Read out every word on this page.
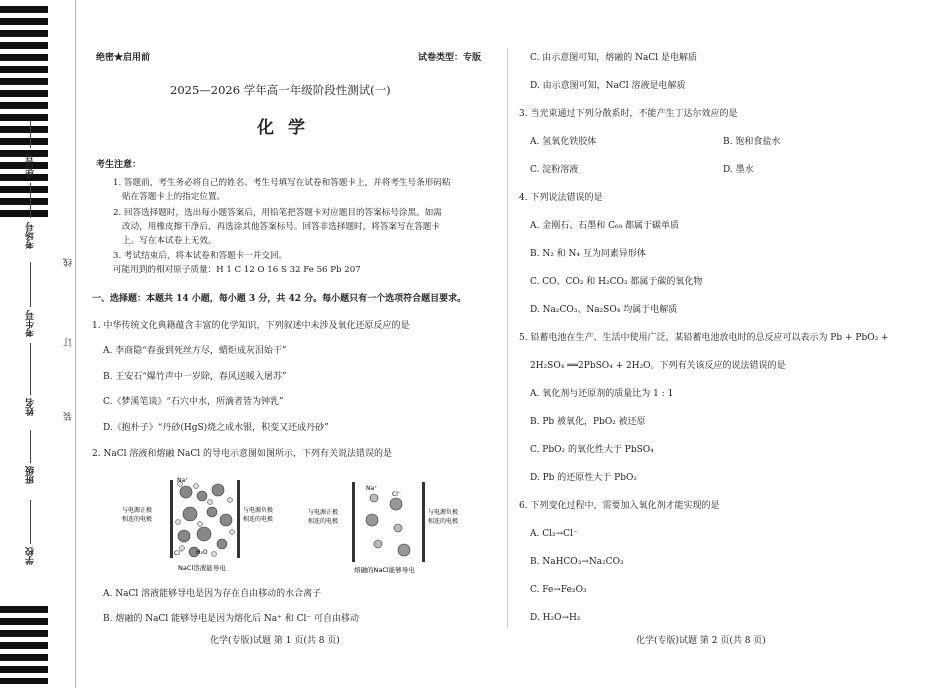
座位号
考场号
考生号
姓名
班级
学校
线
订
装
绝密★启用前	试卷类型：专版
2025—2026 学年高一年级阶段性测试(一)
化学
考生注意：
1. 答题前，考生务必将自己的姓名、考生号填写在试卷和答题卡上，并将考生号条形码粘
贴在答题卡上的指定位置。
2. 回答选择题时，选出每小题答案后，用铅笔把答题卡对应题目的答案标号涂黑。如需
改动，用橡皮擦干净后，再选涂其他答案标号。回答非选择题时，将答案写在答题卡
上。写在本试卷上无效。
3. 考试结束后，将本试卷和答题卡一并交回。
可能用到的相对原子质量：H 1 C 12 O 16 S 32 Fe 56 Pb 207
一、选择题：本题共 14 小题，每小题 3 分，共 42 分。每小题只有一个选项符合题目要求。
1. 中华传统文化典籍蕴含丰富的化学知识，下列叙述中未涉及氧化还原反应的是
A. 李商隐“春蚕到死丝方尽，蜡炬成灰泪始干”
B. 王安石“爆竹声中一岁除，春风送暖入屠苏”
C.《梦溪笔谈》“石穴中水，所滴者皆为钟乳”
D.《抱朴子》“丹砂(HgS)烧之成水银，积变又还成丹砂”
2. NaCl 溶液和熔融 NaCl 的导电示意图如图所示，下列有关说法错误的是
Na⁺
Cl⁻ H₂O
与电源正极
相连的电极
与电源负极
相连的电极
NaCl溶液能导电
Na⁺
Cl⁻
与电源正极
相连的电极
与电源负极
相连的电极
熔融的NaCl能够导电
A. NaCl 溶液能够导电是因为存在自由移动的水合离子
B. 熔融的 NaCl 能够导电是因为熔化后 Na⁺ 和 Cl⁻ 可自由移动
C. 由示意图可知，熔融的 NaCl 是电解质
D. 由示意图可知，NaCl 溶液是电解质
3. 当光束通过下列分散系时，不能产生丁达尔效应的是
A. 氢氧化铁胶体	B. 饱和食盐水
C. 淀粉溶液	D. 墨水
4. 下列说法错误的是
A. 金刚石、石墨和 C₆₀ 都属于碳单质
B. N₂ 和 N₄ 互为同素异形体
C. CO、CO₂ 和 H₂CO₃ 都属于碳的氧化物
D. Na₂CO₃、Na₂SO₄ 均属于电解质
5. 铅蓄电池在生产、生活中使用广泛，某铅蓄电池放电时的总反应可以表示为 Pb + PbO₂ +
2H₂SO₄ ══2PbSO₄ + 2H₂O。下列有关该反应的说法错误的是
A. 氧化剂与还原剂的质量比为 1 : 1
B. Pb 被氧化，PbO₂ 被还原
C. PbO₂ 的氧化性大于 PbSO₄
D. Pb 的还原性大于 PbO₂
6. 下列变化过程中，需要加入氧化剂才能实现的是
A. Cl₂→Cl⁻
B. NaHCO₃→Na₂CO₃
C. Fe→Fe₂O₃
D. H₂O→H₂
化学(专版)试题 第 1 页(共 8 页)	化学(专版)试题 第 2 页(共 8 页)
